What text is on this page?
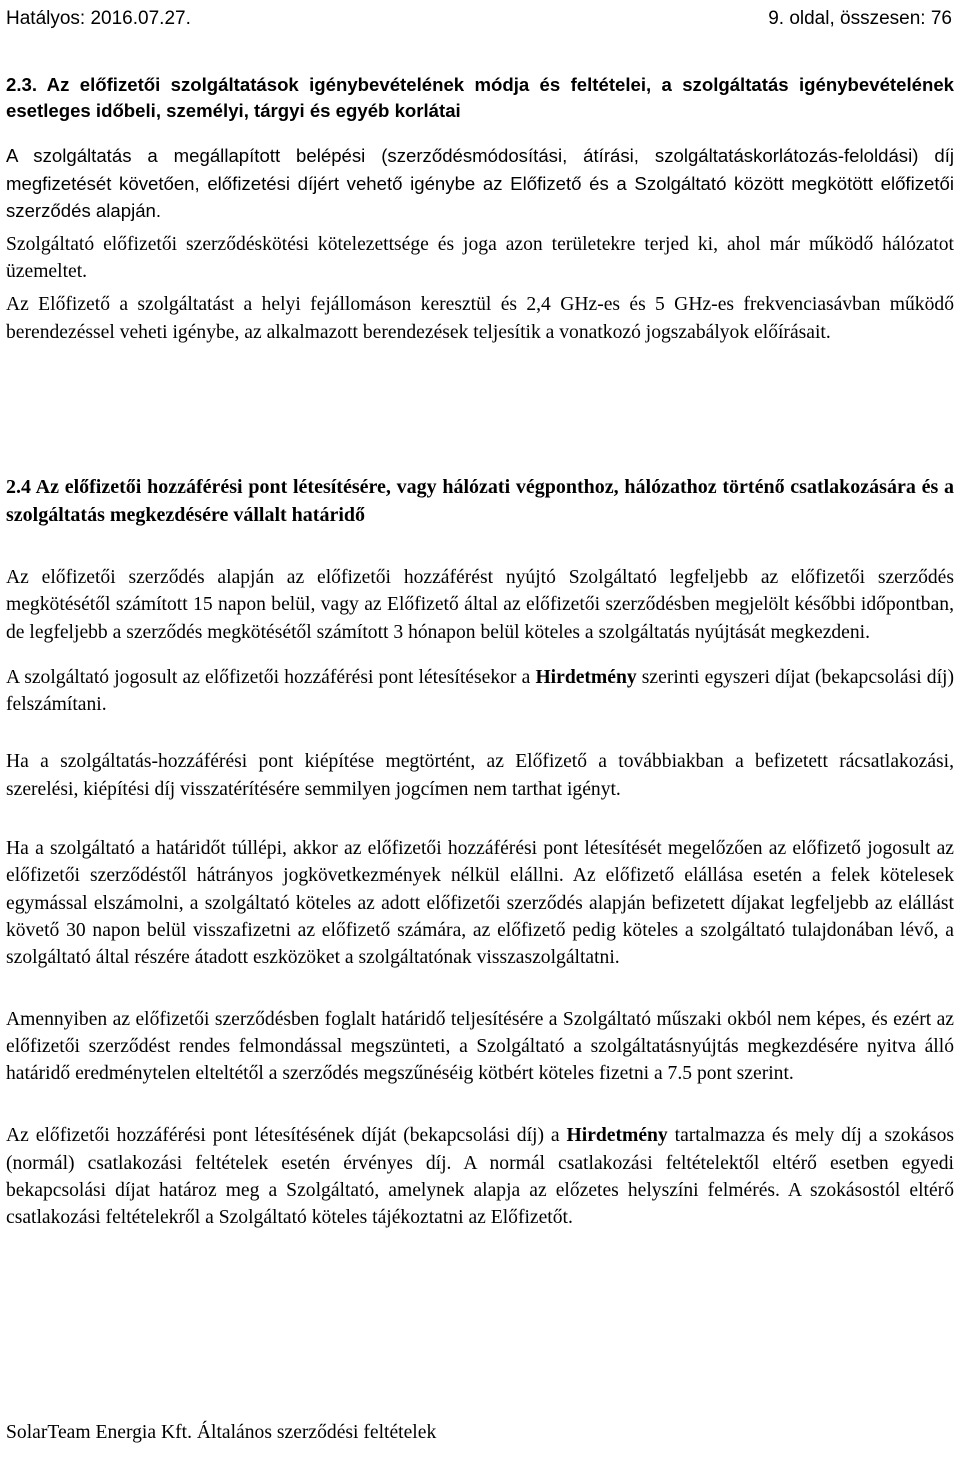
Hatályos: 2016.07.27.	9. oldal, összesen: 76

2.3. Az előfizetői szolgáltatások igénybevételének módja és feltételei, a szolgáltatás igénybevételének esetleges időbeli, személyi, tárgyi és egyéb korlátai

A szolgáltatás a megállapított belépési (szerződésmódosítási, átírási, szolgáltatáskorlátozás-feloldási) díj megfizetését követően, előfizetési díjért vehető igénybe az Előfizető és a Szolgáltató között megkötött előfizetői szerződés alapján.

Szolgáltató előfizetői szerződéskötési kötelezettsége és joga azon területekre terjed ki, ahol már működő hálózatot üzemeltet.

Az Előfizető a szolgáltatást a helyi fejállomáson keresztül és 2,4 GHz-es és 5 GHz-es frekvenciasávban működő berendezéssel veheti igénybe, az alkalmazott berendezések teljesítik a vonatkozó jogszabályok előírásait.

2.4 Az előfizetői hozzáférési pont létesítésére, vagy hálózati végponthoz, hálózathoz történő csatlakozására és a szolgáltatás megkezdésére vállalt határidő

Az előfizetői szerződés alapján az előfizetői hozzáférést nyújtó Szolgáltató legfeljebb az előfizetői szerződés megkötésétől számított 15 napon belül, vagy az Előfizető által az előfizetői szerződésben megjelölt későbbi időpontban, de legfeljebb a szerződés megkötésétől számított 3 hónapon belül köteles a szolgáltatás nyújtását megkezdeni.

A szolgáltató jogosult az előfizetői hozzáférési pont létesítésekor a Hirdetmény szerinti egyszeri díjat (bekapcsolási díj) felszámítani.

Ha a szolgáltatás-hozzáférési pont kiépítése megtörtént, az Előfizető a továbbiakban a befizetett rácsatlakozási, szerelési, kiépítési díj visszatérítésére semmilyen jogcímen nem tarthat igényt.

Ha a szolgáltató a határidőt túllépi, akkor az előfizetői hozzáférési pont létesítését megelőzően az előfizető jogosult az előfizetői szerződéstől hátrányos jogkövetkezmények nélkül elállni. Az előfizető elállása esetén a felek kötelesek egymással elszámolni, a szolgáltató köteles az adott előfizetői szerződés alapján befizetett díjakat legfeljebb az elállást követő 30 napon belül visszafizetni az előfizető számára, az előfizető pedig köteles a szolgáltató tulajdonában lévő, a szolgáltató által részére átadott eszközöket a szolgáltatónak visszaszolgáltatni.

Amennyiben az előfizetői szerződésben foglalt határidő teljesítésére a Szolgáltató műszaki okból nem képes, és ezért az előfizetői szerződést rendes felmondással megszünteti, a Szolgáltató a szolgáltatásnyújtás megkezdésére nyitva álló határidő eredménytelen elteltétől a szerződés megszűnéséig kötbért köteles fizetni a 7.5 pont szerint.

Az előfizetői hozzáférési pont létesítésének díját (bekapcsolási díj) a Hirdetmény tartalmazza és mely díj a szokásos (normál) csatlakozási feltételek esetén érvényes díj. A normál csatlakozási feltételektől eltérő esetben egyedi bekapcsolási díjat határoz meg a Szolgáltató, amelynek alapja az előzetes helyszíni felmérés. A szokásostól eltérő csatlakozási feltételekről a Szolgáltató köteles tájékoztatni az Előfizetőt.

SolarTeam Energia Kft. Általános szerződési feltételek
